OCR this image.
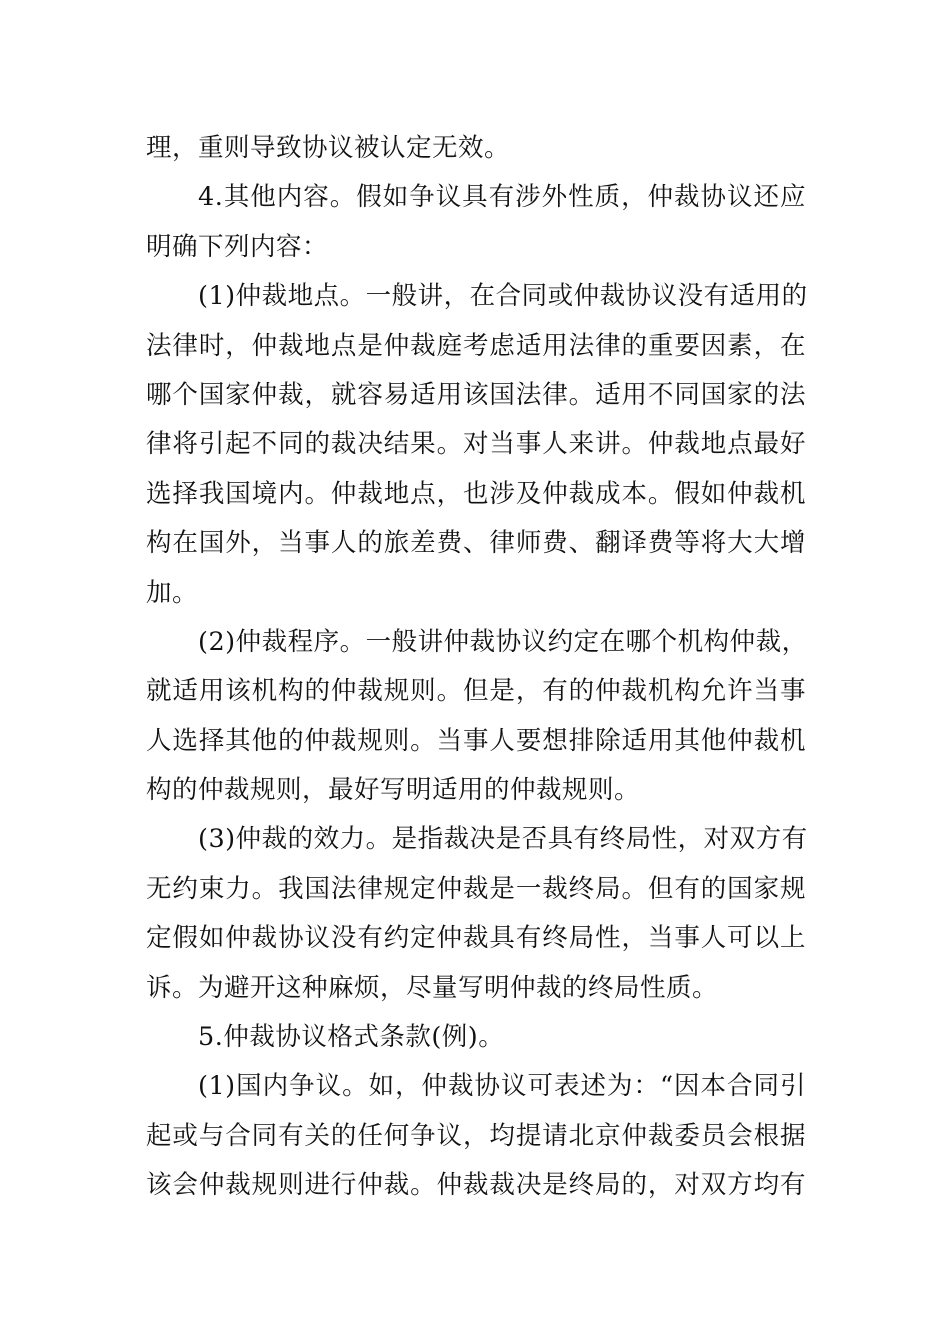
理，重则导致协议被认定无效。
4.其他内容。假如争议具有涉外性质，仲裁协议还应
明确下列内容：
(1)仲裁地点。一般讲，在合同或仲裁协议没有适用的
法律时，仲裁地点是仲裁庭考虑适用法律的重要因素，在
哪个国家仲裁，就容易适用该国法律。适用不同国家的法
律将引起不同的裁决结果。对当事人来讲。仲裁地点最好
选择我国境内。仲裁地点，也涉及仲裁成本。假如仲裁机
构在国外，当事人的旅差费、律师费、翻译费等将大大增
加。
(2)仲裁程序。一般讲仲裁协议约定在哪个机构仲裁，
就适用该机构的仲裁规则。但是，有的仲裁机构允许当事
人选择其他的仲裁规则。当事人要想排除适用其他仲裁机
构的仲裁规则，最好写明适用的仲裁规则。
(3)仲裁的效力。是指裁决是否具有终局性，对双方有
无约束力。我国法律规定仲裁是一裁终局。但有的国家规
定假如仲裁协议没有约定仲裁具有终局性，当事人可以上
诉。为避开这种麻烦，尽量写明仲裁的终局性质。
5.仲裁协议格式条款(例)。
(1)国内争议。如，仲裁协议可表述为：“因本合同引
起或与合同有关的任何争议，均提请北京仲裁委员会根据
该会仲裁规则进行仲裁。仲裁裁决是终局的，对双方均有
